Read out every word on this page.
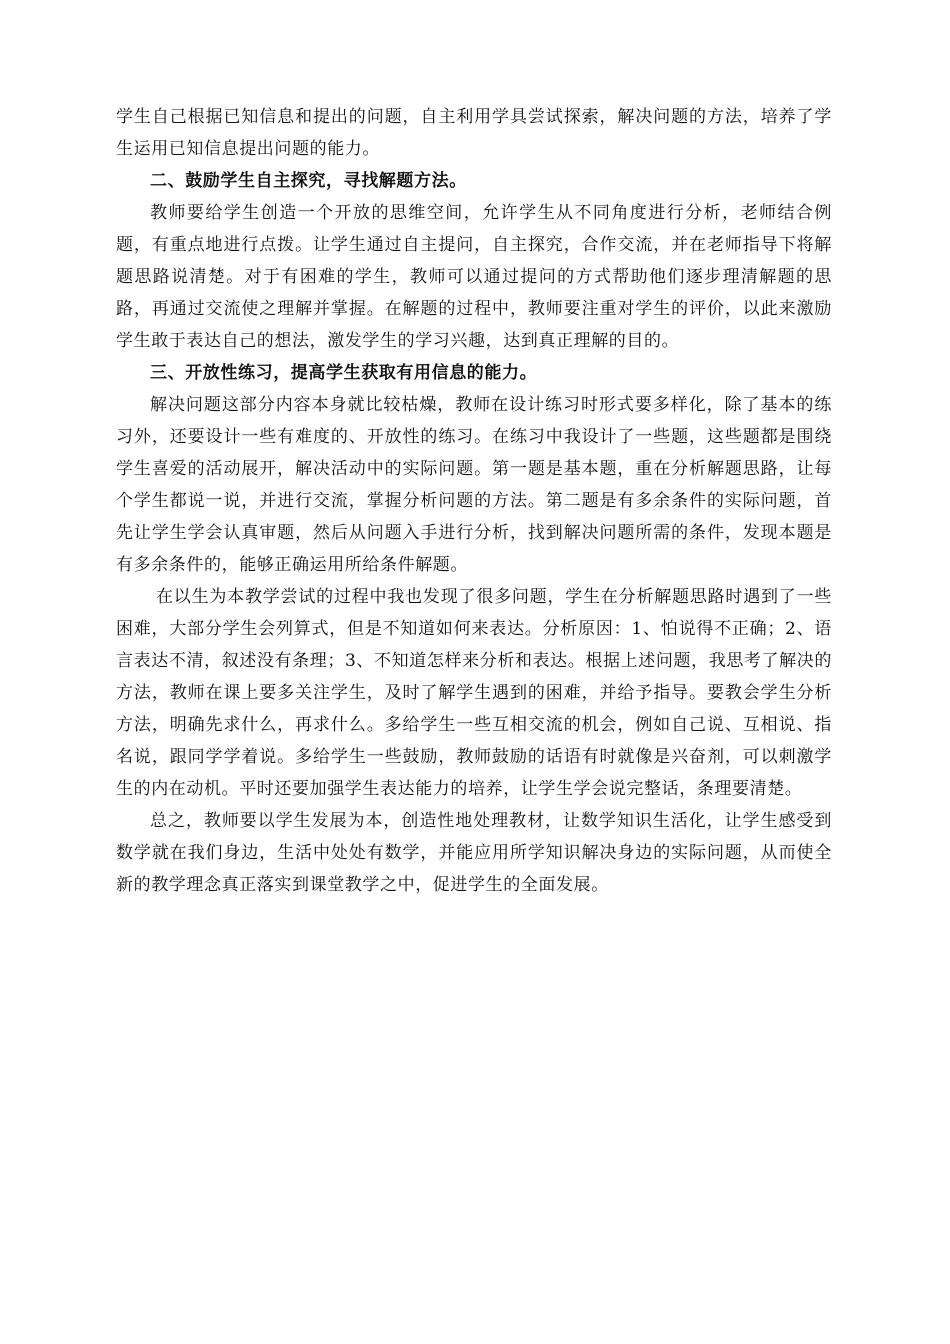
学生自己根据已知信息和提出的问题，自主利用学具尝试探索，解决问题的方法，培养了学生运用已知信息提出问题的能力。

二、鼓励学生自主探究，寻找解题方法。

教师要给学生创造一个开放的思维空间，允许学生从不同角度进行分析，老师结合例题，有重点地进行点拨。让学生通过自主提问，自主探究，合作交流，并在老师指导下将解题思路说清楚。对于有困难的学生，教师可以通过提问的方式帮助他们逐步理清解题的思路，再通过交流使之理解并掌握。在解题的过程中，教师要注重对学生的评价，以此来激励学生敢于表达自己的想法，激发学生的学习兴趣，达到真正理解的目的。

三、开放性练习，提高学生获取有用信息的能力。

解决问题这部分内容本身就比较枯燥，教师在设计练习时形式要多样化，除了基本的练习外，还要设计一些有难度的、开放性的练习。在练习中我设计了一些题，这些题都是围绕学生喜爱的活动展开，解决活动中的实际问题。第一题是基本题，重在分析解题思路，让每个学生都说一说，并进行交流，掌握分析问题的方法。第二题是有多余条件的实际问题，首先让学生学会认真审题，然后从问题入手进行分析，找到解决问题所需的条件，发现本题是有多余条件的，能够正确运用所给条件解题。

在以生为本教学尝试的过程中我也发现了很多问题，学生在分析解题思路时遇到了一些困难，大部分学生会列算式，但是不知道如何来表达。分析原因：1、怕说得不正确；2、语言表达不清，叙述没有条理；3、不知道怎样来分析和表达。根据上述问题，我思考了解决的方法，教师在课上要多关注学生，及时了解学生遇到的困难，并给予指导。要教会学生分析方法，明确先求什么，再求什么。多给学生一些互相交流的机会，例如自己说、互相说、指名说，跟同学学着说。多给学生一些鼓励，教师鼓励的话语有时就像是兴奋剂，可以刺激学生的内在动机。平时还要加强学生表达能力的培养，让学生学会说完整话，条理要清楚。

总之，教师要以学生发展为本，创造性地处理教材，让数学知识生活化，让学生感受到数学就在我们身边，生活中处处有数学，并能应用所学知识解决身边的实际问题，从而使全新的教学理念真正落实到课堂教学之中，促进学生的全面发展。
